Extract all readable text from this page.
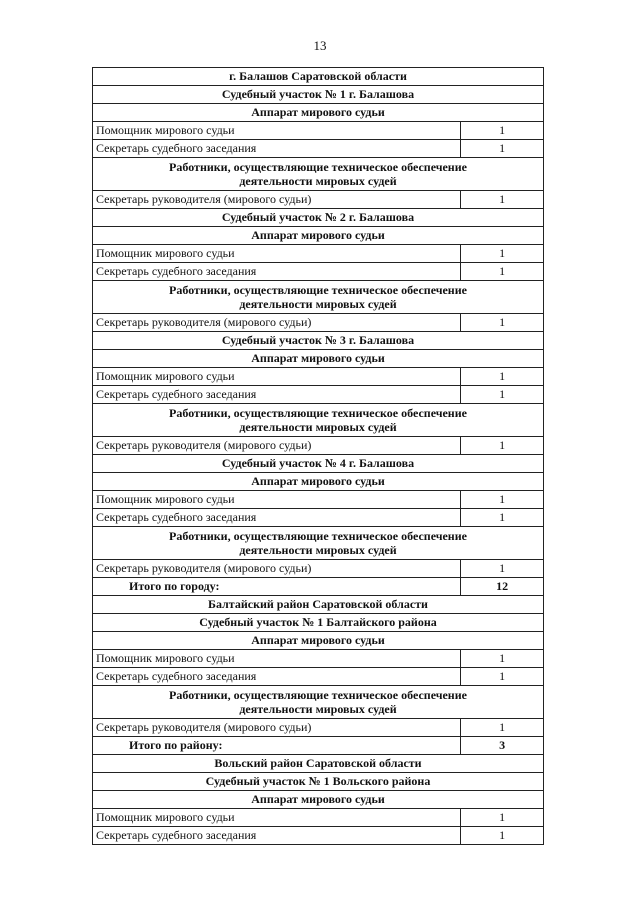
13
г. Балашов Саратовской области	
Судебный участок № 1 г. Балашова	
Аппарат мирового судьи	
Помощник мирового судьи	1
Секретарь судебного заседания	1

Работники, осуществляющие техническое обеспечение
деятельности мировых судей	

Секретарь руководителя (мирового судьи)	1
Судебный участок № 2 г. Балашова	
Аппарат мирового судьи	
Помощник мирового судьи	1
Секретарь судебного заседания	1

Работники, осуществляющие техническое обеспечение
деятельности мировых судей	

Секретарь руководителя (мирового судьи)	1
Судебный участок № 3 г. Балашова	
Аппарат мирового судьи	
Помощник мирового судьи	1
Секретарь судебного заседания	1

Работники, осуществляющие техническое обеспечение
деятельности мировых судей	

Секретарь руководителя (мирового судьи)	1
Судебный участок № 4 г. Балашова	
Аппарат мирового судьи	
Помощник мирового судьи	1
Секретарь судебного заседания	1

Работники, осуществляющие техническое обеспечение
деятельности мировых судей	

Секретарь руководителя (мирового судьи)	1
Итого по городу:	12
Балтайский район Саратовской области	
Судебный участок № 1 Балтайского района	
Аппарат мирового судьи	
Помощник мирового судьи	1
Секретарь судебного заседания	1

Работники, осуществляющие техническое обеспечение
деятельности мировых судей	

Секретарь руководителя (мирового судьи)	1
Итого по району:	3
Вольский район Саратовской области	
Судебный участок № 1 Вольского района	
Аппарат мирового судьи	
Помощник мирового судьи	1
Секретарь судебного заседания	1
